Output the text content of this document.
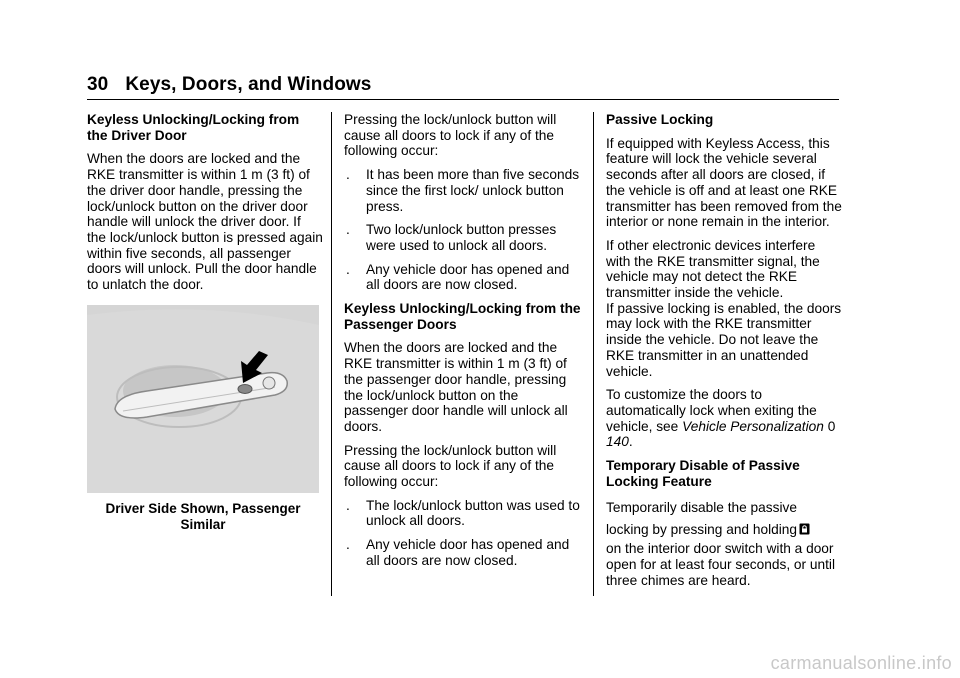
30 Keys, Doors, and Windows

Keyless Unlocking/Locking from the Driver Door

When the doors are locked and the RKE transmitter is within 1 m (3 ft) of the driver door handle, pressing the lock/unlock button on the driver door handle will unlock the driver door. If the lock/unlock button is pressed again within five seconds, all passenger doors will unlock. Pull the door handle to unlatch the door.

Driver Side Shown, Passenger Similar

Pressing the lock/unlock button will cause all doors to lock if any of the following occur:

. It has been more than five seconds since the first lock/ unlock button press.
. Two lock/unlock button presses were used to unlock all doors.
. Any vehicle door has opened and all doors are now closed.

Keyless Unlocking/Locking from the Passenger Doors

When the doors are locked and the RKE transmitter is within 1 m (3 ft) of the passenger door handle, pressing the lock/unlock button on the passenger door handle will unlock all doors.

Pressing the lock/unlock button will cause all doors to lock if any of the following occur:

. The lock/unlock button was used to unlock all doors.
. Any vehicle door has opened and all doors are now closed.

Passive Locking

If equipped with Keyless Access, this feature will lock the vehicle several seconds after all doors are closed, if the vehicle is off and at least one RKE transmitter has been removed from the interior or none remain in the interior.

If other electronic devices interfere with the RKE transmitter signal, the vehicle may not detect the RKE transmitter inside the vehicle.

If passive locking is enabled, the doors may lock with the RKE transmitter inside the vehicle. Do not leave the RKE transmitter in an unattended vehicle.

To customize the doors to automatically lock when exiting the vehicle, see Vehicle Personalization 0 140.

Temporary Disable of Passive Locking Feature

Temporarily disable the passive locking by pressing and holding

on the interior door switch with a door open for at least four seconds, or until three chimes are heard.

carmanualsonline.info
